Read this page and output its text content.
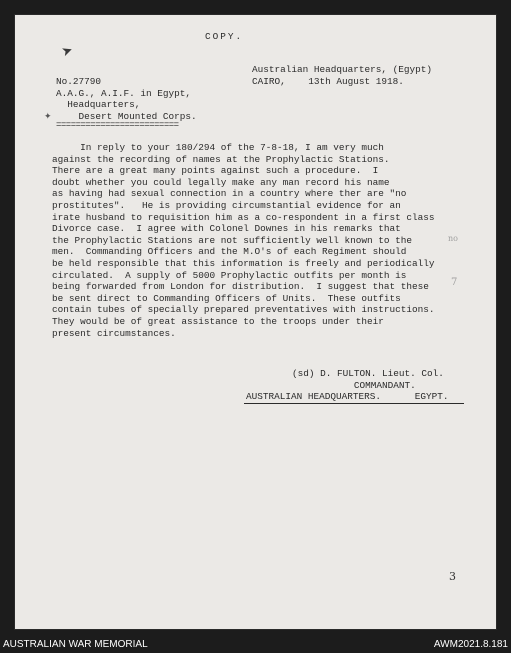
COPY.
Australian Headquarters, (Egypt)
CAIRO,    13th August 1918.
No.27790
A.A.G., A.I.F. in Egypt,
Headquarters,
Desert Mounted Corps.
=========================
In reply to your 180/294 of the 7-8-18, I am very much
against the recording of names at the Prophylactic Stations.
There are a great many points against such a procedure.  I
doubt whether you could legally make any man record his name
as having had sexual connection in a country where ther are "no
prostitutes".   He is providing circumstantial evidence for an
irate husband to requisition him as a co-respondent in a first class
Divorce case.  I agree with Colonel Downes in his remarks that
the Prophylactic Stations are not sufficiently well known to the
men.  Commanding Officers and the M.O's of each Regiment should
be held responsible that this information is freely and periodically
circulated.  A supply of 5000 Prophylactic outfits per month is
being forwarded from London for distribution.  I suggest that these
be sent direct to Commanding Officers of Units.  These outfits
contain tubes of specially prepared preventatives with instructions.
They would be of great assistance to the troops under their
present circumstances.
(sd) D. FULTON. Lieut. Col.
COMMANDANT.
AUSTRALIAN HEADQUARTERS.      EGYPT.
➤
✦
no
7
3
AUSTRALIAN WAR MEMORIAL	AWM2021.8.181
